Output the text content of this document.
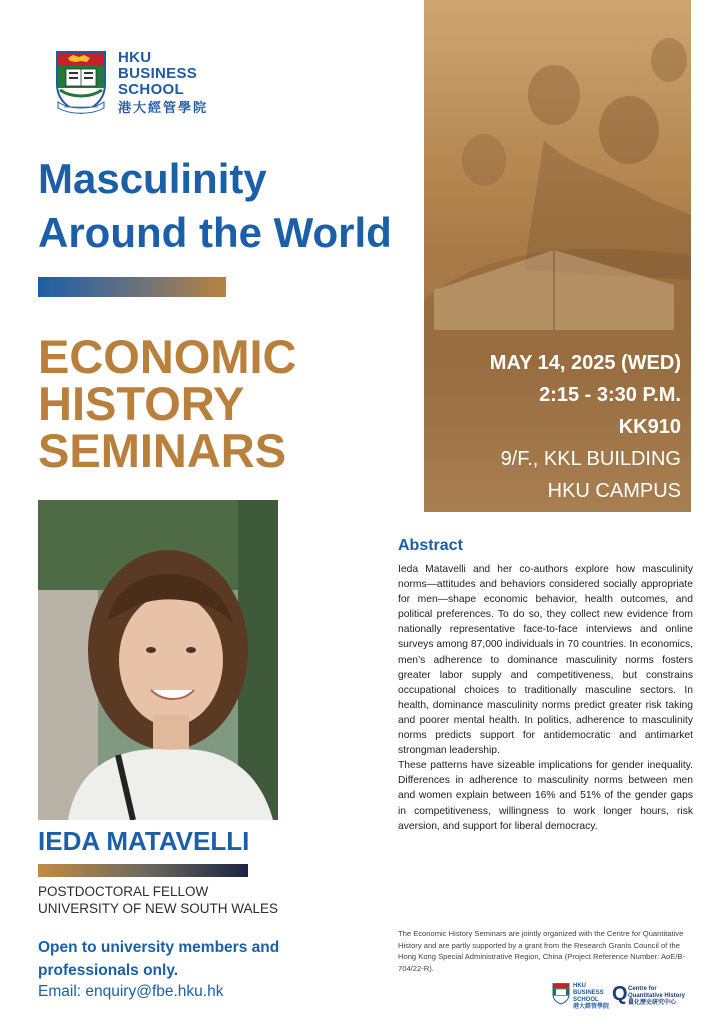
HKU
BUSINESS
SCHOOL
港大經管學院
Masculinity
Around the World
ECONOMIC
HISTORY
SEMINARS
MAY 14, 2025 (WED)
2:15 - 3:30 P.M.
KK910
9/F., KKL BUILDING
HKU CAMPUS
IEDA MATAVELLI
POSTDOCTORAL FELLOW
UNIVERSITY OF NEW SOUTH WALES
Open to university members and
professionals only.
Email: enquiry@fbe.hku.hk
Abstract

Ieda Matavelli and her co-authors explore how masculinity norms—attitudes and behaviors considered socially appropriate for men—shape economic behavior, health outcomes, and political preferences. To do so, they collect new evidence from nationally representative face-to-face interviews and online surveys among 87,000 individuals in 70 countries. In economics, men’s adherence to dominance masculinity norms fosters greater labor supply and competitiveness, but constrains occupational choices to traditionally masculine sectors. In health, dominance masculinity norms predict greater risk taking and poorer mental health. In politics, adherence to masculinity norms predicts support for antidemocratic and antimarket strongman leadership.

These patterns have sizeable implications for gender inequality. Differences in adherence to masculinity norms between men and women explain between 16% and 51% of the gender gaps in competitiveness, willingness to work longer hours, risk aversion, and support for liberal democracy.

The Economic History Seminars are jointly organized with the Centre for Quantitative History and are partly supported by a grant from the Research Grants Council of the Hong Kong Special Administrative Region, China (Project Reference Number: AoE/B-704/22-R).
HKU
BUSINESS
SCHOOL
港大經管學院
Q Centre for
Quantitative History
量化歷史研究中心
